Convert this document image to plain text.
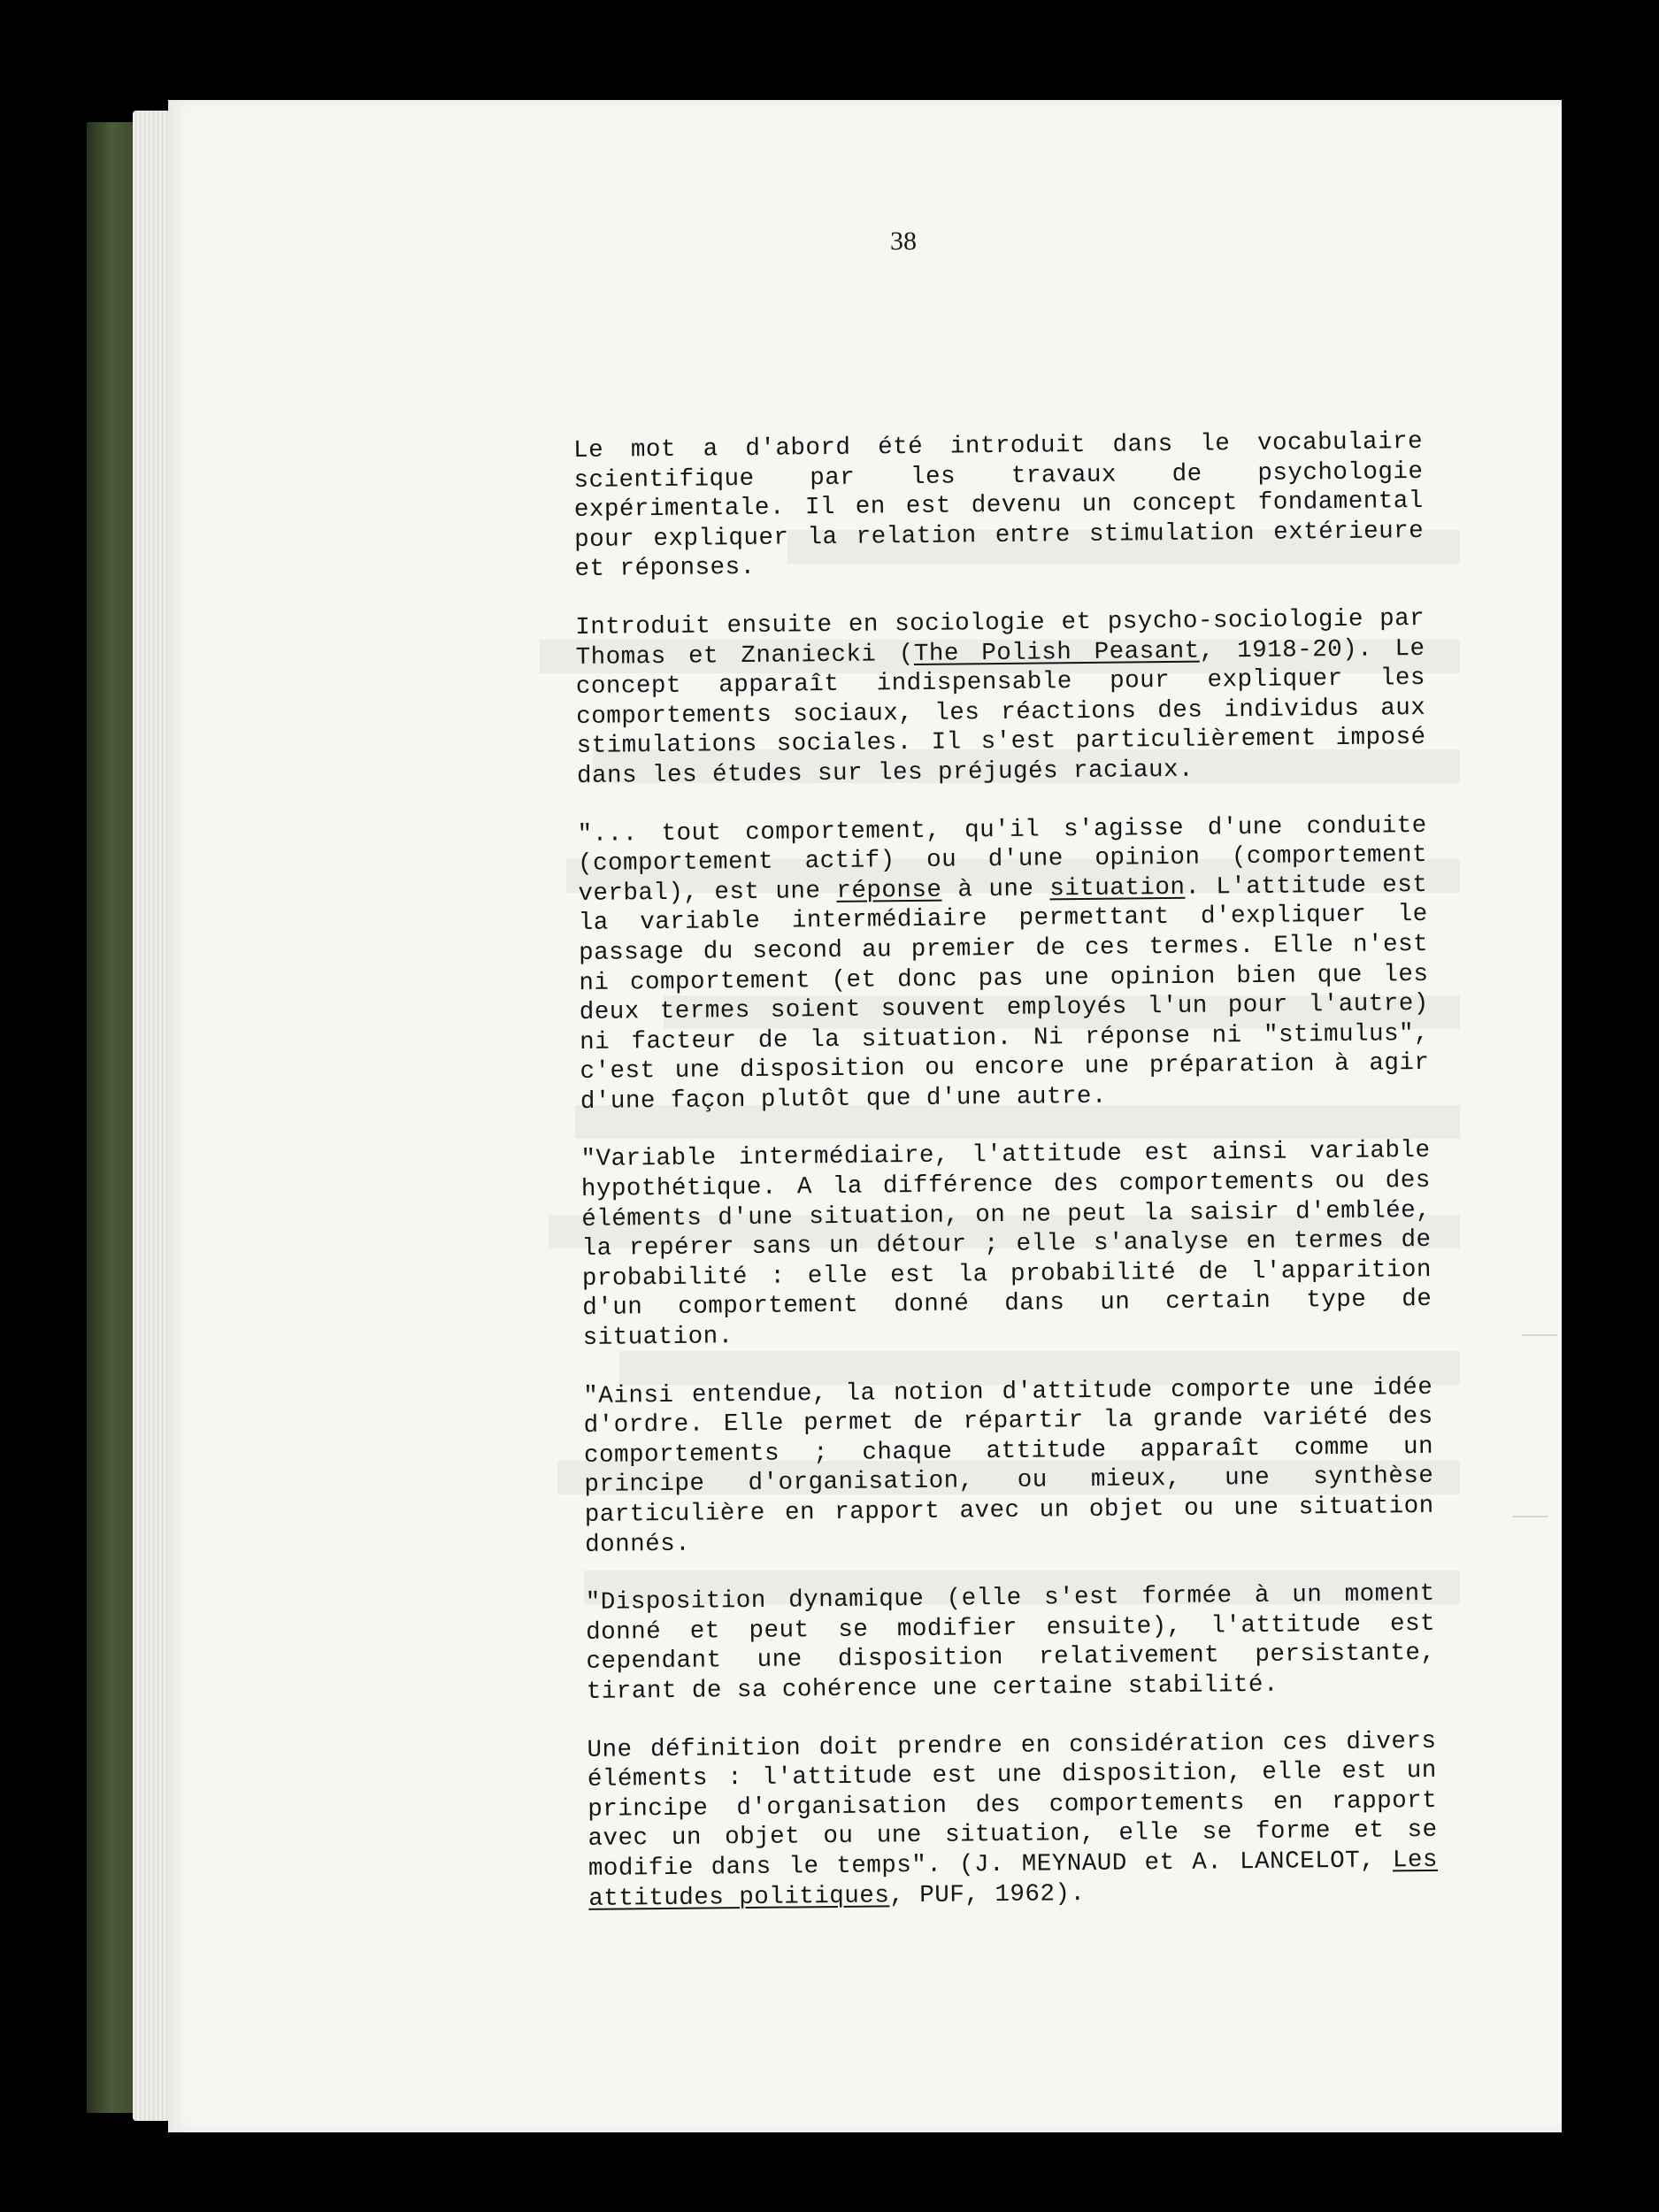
38

Le mot a d'abord été introduit dans le vocabulaire scientifique par les travaux de psychologie expérimentale. Il en est devenu un concept fondamental pour expliquer la relation entre stimulation extérieure et réponses.

Introduit ensuite en sociologie et psycho-sociologie par Thomas et Znaniecki (The Polish Peasant, 1918-20). Le concept apparaît indispensable pour expliquer les comportements sociaux, les réactions des individus aux stimulations sociales. Il s'est particulièrement imposé dans les études sur les préjugés raciaux.

"... tout comportement, qu'il s'agisse d'une conduite (comportement actif) ou d'une opinion (comportement verbal), est une réponse à une situation. L'attitude est la variable intermédiaire permettant d'expliquer le passage du second au premier de ces termes. Elle n'est ni comportement (et donc pas une opinion bien que les deux termes soient souvent employés l'un pour l'autre) ni facteur de la situation. Ni réponse ni "stimulus", c'est une disposition ou encore une préparation à agir d'une façon plutôt que d'une autre.

"Variable intermédiaire, l'attitude est ainsi variable hypothétique. A la différence des comportements ou des éléments d'une situation, on ne peut la saisir d'emblée, la repérer sans un détour ; elle s'analyse en termes de probabilité : elle est la probabilité de l'apparition d'un comportement donné dans un certain type de situation.

"Ainsi entendue, la notion d'attitude comporte une idée d'ordre. Elle permet de répartir la grande variété des comportements ; chaque attitude apparaît comme un principe d'organisation, ou mieux, une synthèse particulière en rapport avec un objet ou une situation donnés.

"Disposition dynamique (elle s'est formée à un moment donné et peut se modifier ensuite), l'attitude est cependant une disposition relativement persistante, tirant de sa cohérence une certaine stabilité.

Une définition doit prendre en considération ces divers éléments : l'attitude est une disposition, elle est un principe d'organisation des comportements en rapport avec un objet ou une situation, elle se forme et se modifie dans le temps". (J. MEYNAUD et A. LANCELOT, Les attitudes politiques, PUF, 1962).
